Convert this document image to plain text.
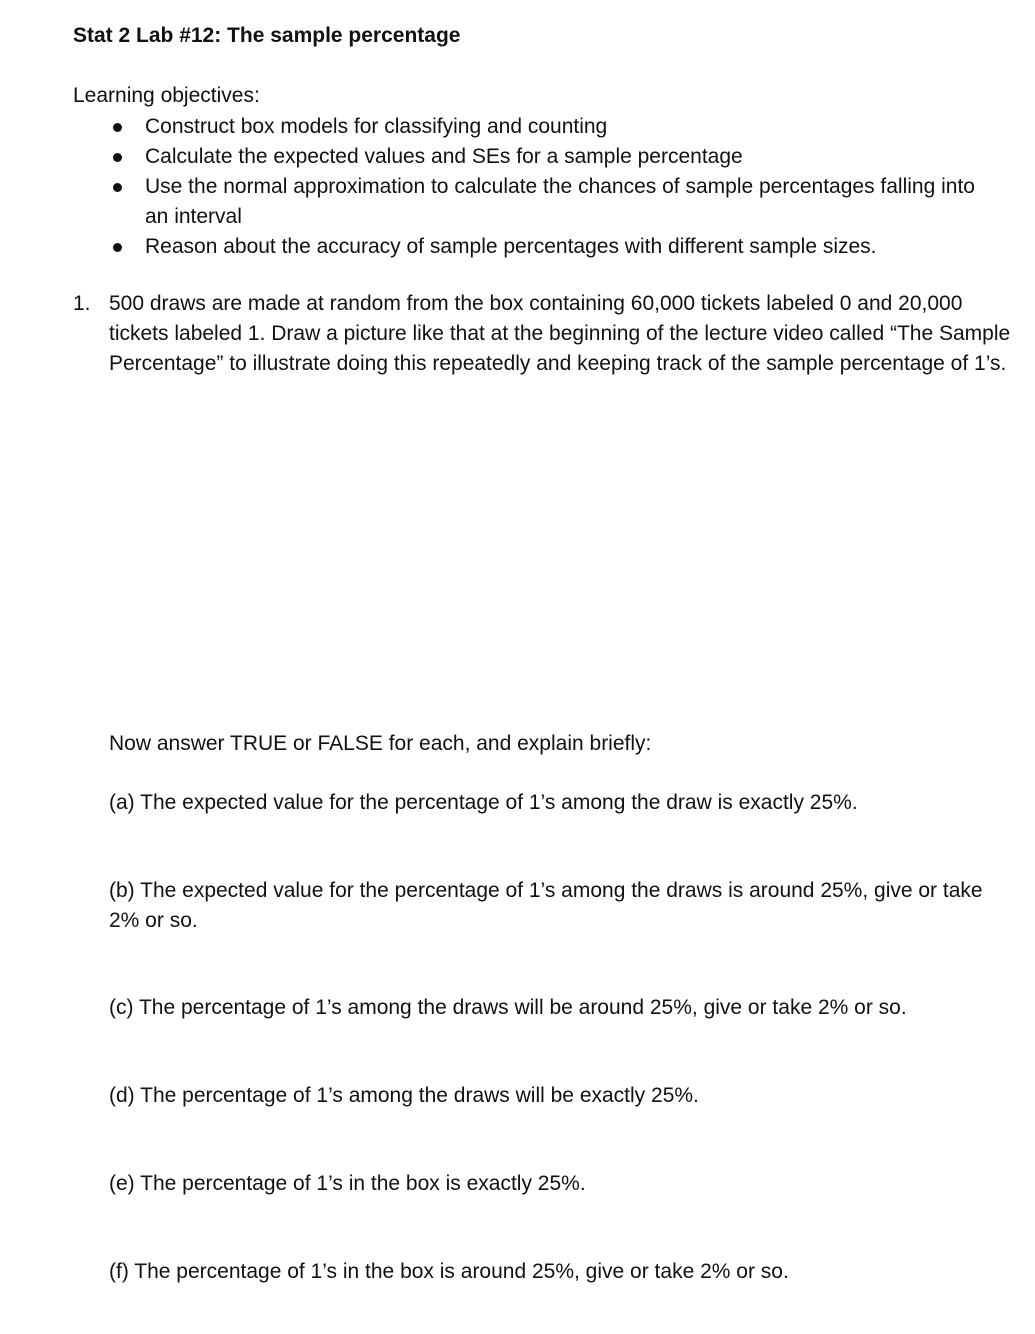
Stat 2 Lab #12: The sample percentage
Learning objectives:
Construct box models for classifying and counting
Calculate the expected values and SEs for a sample percentage
Use the normal approximation to calculate the chances of sample percentages falling into an interval
Reason about the accuracy of sample percentages with different sample sizes.
1. 500 draws are made at random from the box containing 60,000 tickets labeled 0 and 20,000 tickets labeled 1. Draw a picture like that at the beginning of the lecture video called “The Sample Percentage” to illustrate doing this repeatedly and keeping track of the sample percentage of 1’s.
Now answer TRUE or FALSE for each, and explain briefly:
(a) The expected value for the percentage of 1’s among the draw is exactly 25%.
(b) The expected value for the percentage of 1’s among the draws is around 25%, give or take 2% or so.
(c) The percentage of 1’s among the draws will be around 25%, give or take 2% or so.
(d) The percentage of 1’s among the draws will be exactly 25%.
(e) The percentage of 1’s in the box is exactly 25%.
(f) The percentage of 1’s in the box is around 25%, give or take 2% or so.
